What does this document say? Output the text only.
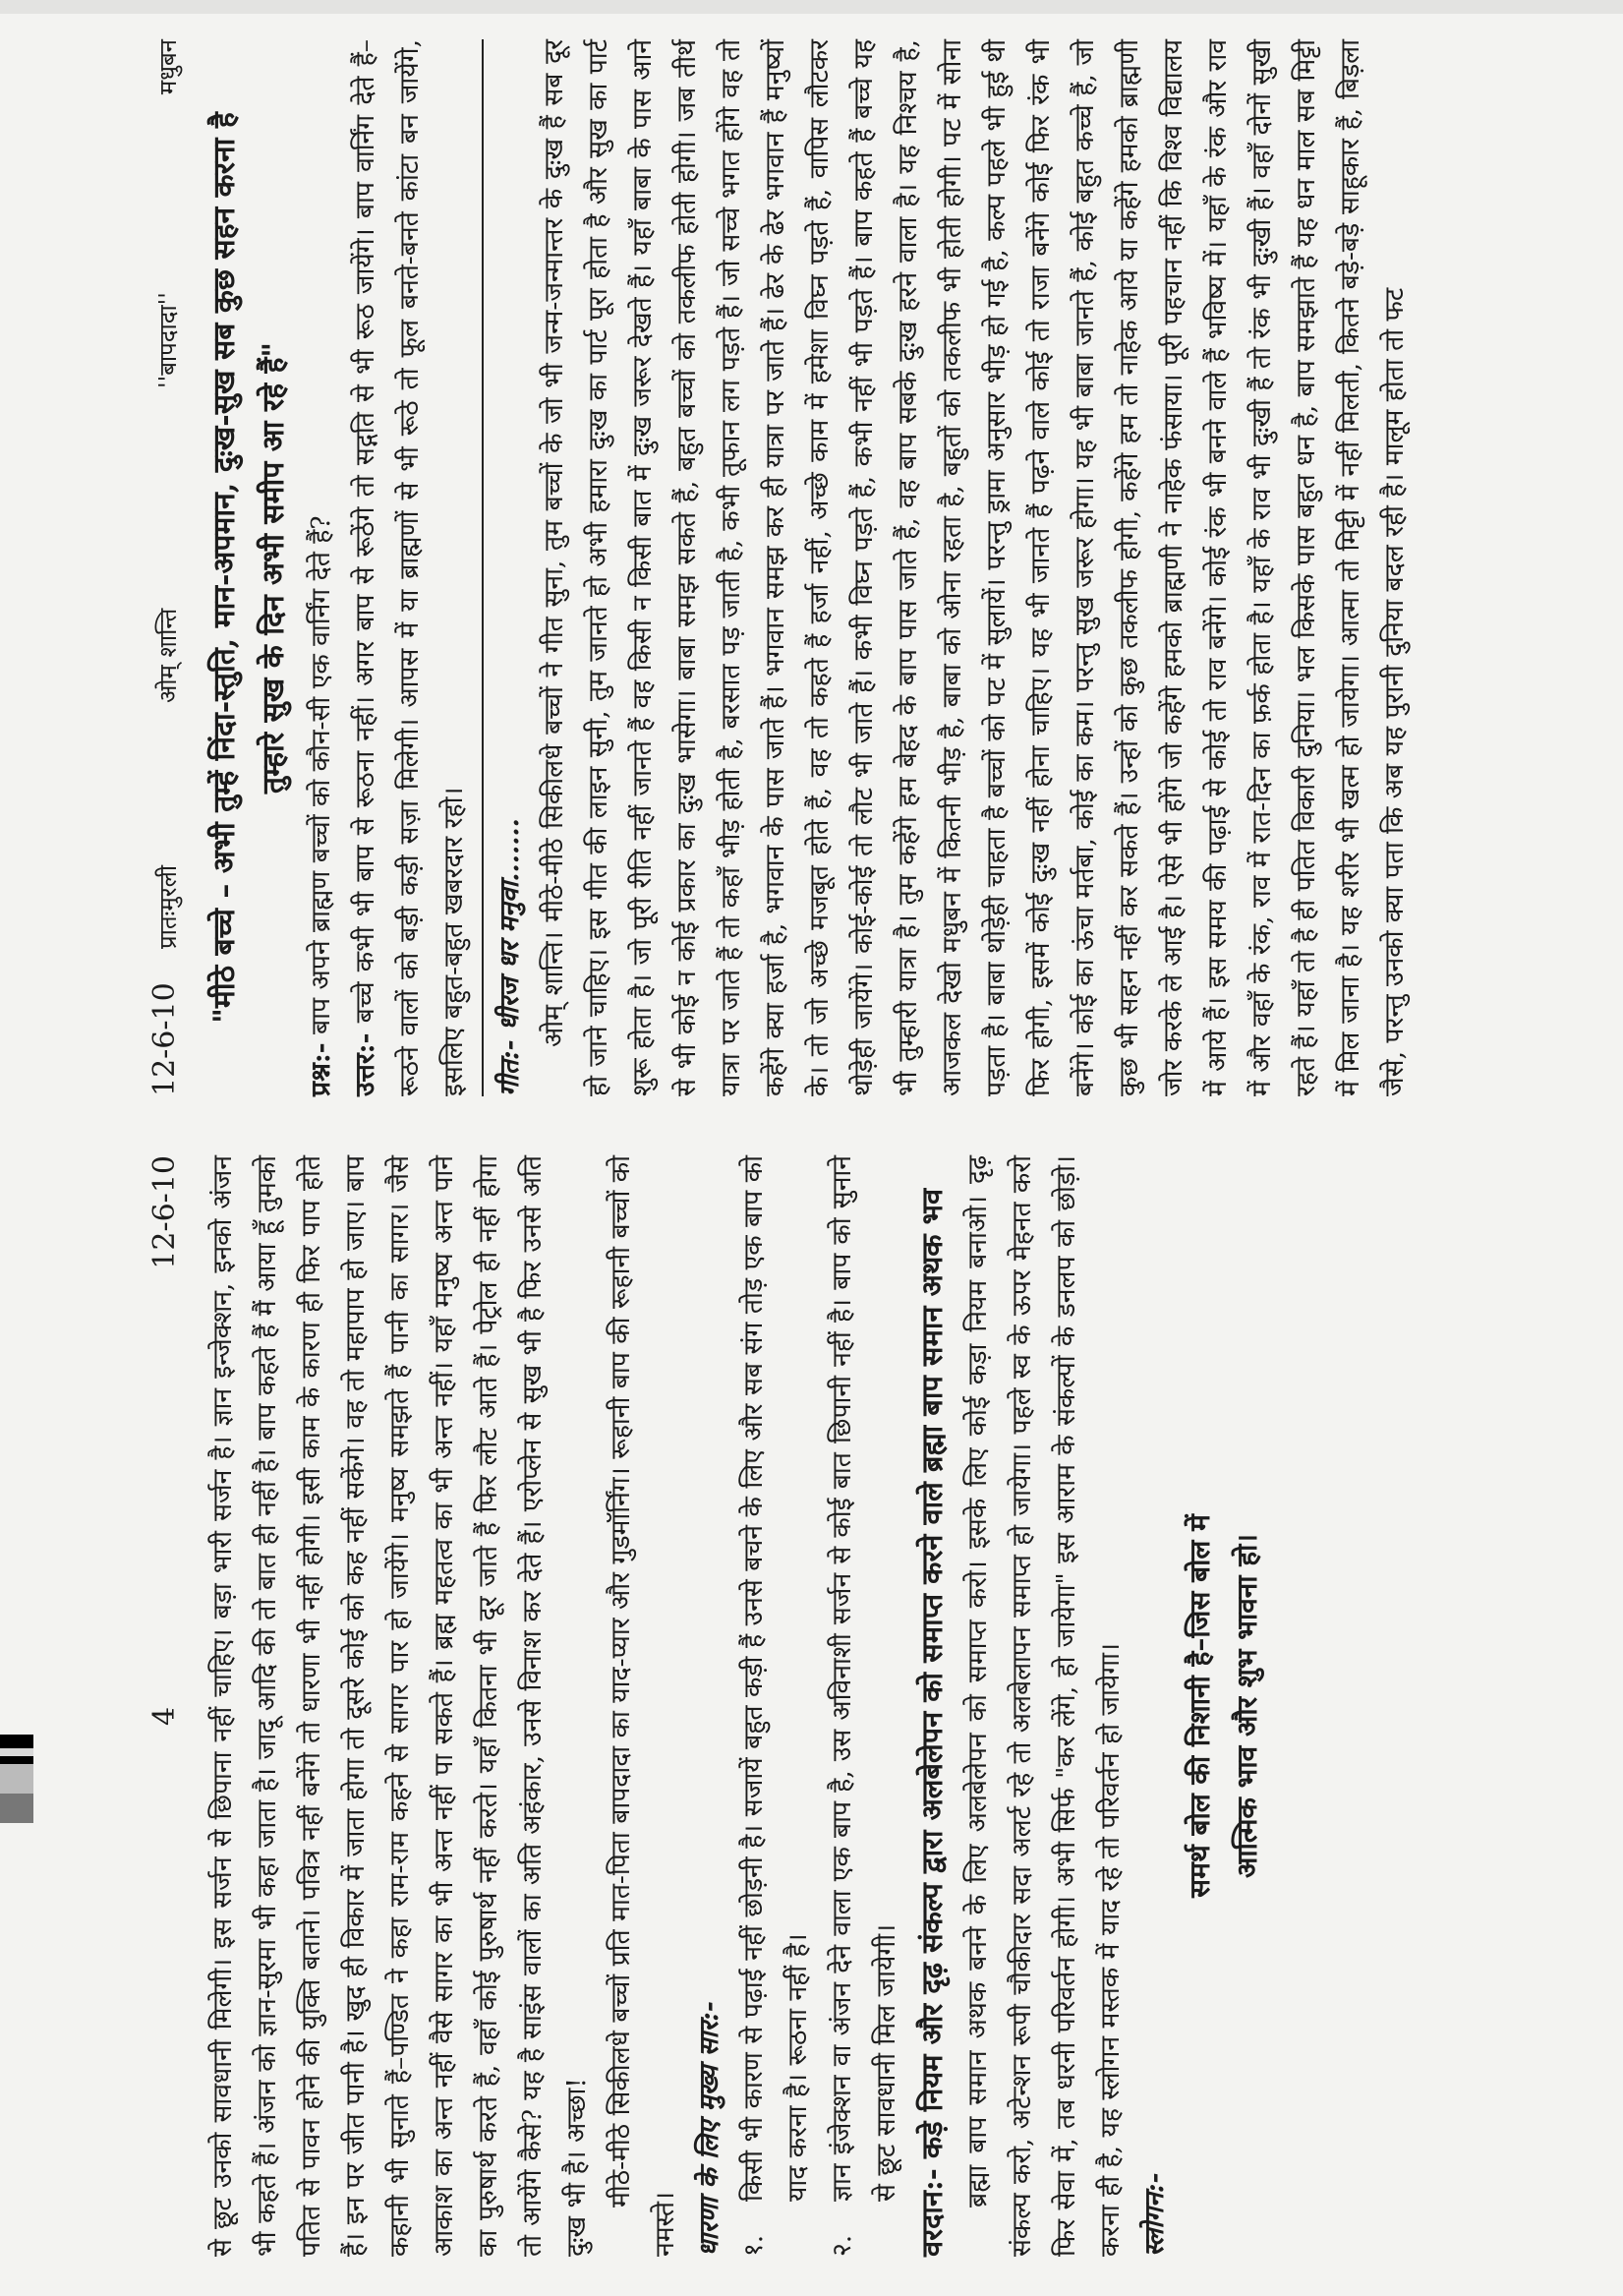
4
12-6-10 से छूट उनको सावधानी मिलेगी। इस सर्जन से छिपाना नहीं चाहिए। बड़ा भारी सर्जन है। ज्ञान इन्जेक्शन, इनको अंजन भी कहते हैं। अंजन को ज्ञान-सुरमा भी कहा जाता है। जादू आदि की तो बात ही नहीं है। बाप कहते हैं मैं आया हूँ तुमको पतित से पावन होने की युक्ति बताने। पवित्र नहीं बनेंगे तो धारणा भी नहीं होगी। इसी काम के कारण ही फिर पाप होते हैं। इन पर जीत पानी है। खुद ही विकार में जाता होगा तो दूसरे कोई को कह नहीं सकेंगे। वह तो महापाप हो जाए। बाप कहानी भी सुनाते हैं–पण्डित ने कहा राम-राम कहने से सागर पार हो जायेंगे। मनुष्य समझते हैं पानी का सागर। जैसे आकाश का अन्त नहीं वैसे सागर का भी अन्त नहीं पा सकते हैं। ब्रह्म महतत्व का भी अन्त नहीं। यहाँ मनुष्य अन्त पाने का पुरुषार्थ करते हैं, वहाँ कोई पुरुषार्थ नहीं करते। यहाँ कितना भी दूर जाते हैं फिर लौट आते हैं। पेट्रोल ही नहीं होगा तो आयेंगे कैसे? यह है साइंस वालों का अति अहंकार, उनसे विनाश कर देते हैं। एरोप्लेन से सुख भी है फिर उनसे अति दुःख भी है। अच्छा! मीठे-मीठे सिकीलधे बच्चों प्रति मात-पिता बापदादा का याद-प्यार और गुडमॉर्निंग। रूहानी बाप की रूहानी बच्चों को नमस्ते। धारणा के लिए मुख्य सार:- १.

किसी भी कारण से पढ़ाई नहीं छोड़नी है। सजायें बहुत कड़ी हैं उनसे बचने के लिए और सब संग तोड़ एक बाप को याद करना है। रूठना नहीं है।

२.

ज्ञान इंजेक्शन वा अंजन देने वाला एक बाप है, उस अविनाशी सर्जन से कोई बात छिपानी नहीं है। बाप को सुनाने से छूट सावधानी मिल जायेगी।

वरदान:- कड़े नियम और दृढ़ संकल्प द्वारा अलबेलेपन को समाप्त करने वाले ब्रह्मा बाप समान अथक भव ब्रह्मा बाप समान अथक बनने के लिए अलबेलेपन को समाप्त करो। इसके लिए कोई कड़ा नियम बनाओ। दृढ़ संकल्प करो, अटेन्शन रूपी चौकीदार सदा अलर्ट रहे तो अलबेलापन समाप्त हो जायेगा। पहले स्व के ऊपर मेहनत करो फिर सेवा में, तब धरनी परिवर्तन होगी। अभी सिर्फ "कर लेंगे, हो जायेगा" इस आराम के संकल्पों के डनलप को छोड़ो। करना ही है, यह स्लोगन मस्तक में याद रहे तो परिवर्तन हो जायेगा। स्लोगन:-

समर्थ बोल की निशानी है–जिस बोल में आत्मिक भाव और शुभ भावना हो।

12-6-10
प्रातःमुरली
ओम् शान्ति
''बापदादा''
मधुबन

"मीठे बच्चे – अभी तुम्हें निंदा-स्तुति, मान-अपमान, दुःख-सुख सब कुछ सहन करना है तुम्हारे सुख के दिन अभी समीप आ रहे हैं"

प्रश्न:- बाप अपने ब्राह्मण बच्चों को कौन-सी एक वार्निंग देते हैं?

उत्तर:- बच्चे कभी भी बाप से रूठना नहीं। अगर बाप से रूठेंगे तो सद्गति से भी रूठ जायेंगे। बाप वार्निंग देते हैं–रूठने वालों को बड़ी कड़ी सज़ा मिलेगी। आपस में या ब्राह्मणों से भी रूठे तो फूल बनते-बनते कांटा बन जायेंगे, इसलिए बहुत-बहुत खबरदार रहो। गीत:- धीरज धर मनुवा....... ओम् शान्ति। मीठे-मीठे सिकीलधे बच्चों ने गीत सुना, तुम बच्चों के जो भी जन्म-जन्मान्तर के दुःख हैं सब दूर हो जाने चाहिए। इस गीत की लाइन सुनी, तुम जानते हो अभी हमारा दुःख का पार्ट पूरा होता है और सुख का पार्ट शुरू होता है। जो पूरी रीति नहीं जानते हैं वह किसी न किसी बात में दुःख जरूर देखते हैं। यहाँ बाबा के पास आने से भी कोई न कोई प्रकार का दुःख भासेगा। बाबा समझ सकते हैं, बहुत बच्चों को तकलीफ होती होगी। जब तीर्थ यात्रा पर जाते हैं तो कहाँ भीड़ होती है, बरसात पड़ जाती है, कभी तूफान लग पड़ते हैं। जो सच्चे भगत होंगे वह तो कहेंगे क्या हर्जा है, भगवान के पास जाते हैं। भगवान समझ कर ही यात्रा पर जाते हैं। ढेर के ढेर भगवान हैं मनुष्यों के। तो जो अच्छे मजबूत होते हैं, वह तो कहते हैं हर्जा नहीं, अच्छे काम में हमेशा विघ्न पड़ते हैं, वापिस लौटकर थोड़ेही जायेंगे। कोई-कोई तो लौट भी जाते हैं। कभी विघ्न पड़ते हैं, कभी नहीं भी पड़ते हैं। बाप कहते हैं बच्चे यह भी तुम्हारी यात्रा है। तुम कहेंगे हम बेहद के बाप पास जाते हैं, वह बाप सबके दुःख हरने वाला है। यह निश्चय है, आजकल देखो मधुबन में कितनी भीड़ है, बाबा को ओना रहता है, बहुतों को तकलीफ भी होती होगी। पट में सोना पड़ता है। बाबा थोड़ेही चाहता है बच्चों को पट में सुलायें। परन्तु ड्रामा अनुसार भीड़ हो गई है, कल्प पहले भी हुई थी फिर होगी, इसमें कोई दुःख नहीं होना चाहिए। यह भी जानते हैं पढ़ने वाले कोई तो राजा बनेंगे कोई फिर रंक भी बनेंगे। कोई का ऊंचा मर्तबा, कोई का कम। परन्तु सुख जरूर होगा। यह भी बाबा जानते हैं, कोई बहुत कच्चे हैं, जो कुछ भी सहन नहीं कर सकते हैं। उन्हों को कुछ तकलीफ होगी, कहेंगे हम तो नाहेक आये या कहेंगे हमको ब्राह्मणी जोर करके ले आई है। ऐसे भी होंगे जो कहेंगे हमको ब्राह्मणी ने नाहेक फंसाया। पूरी पहचान नहीं कि विश्व विद्यालय में आये हैं। इस समय की पढ़ाई से कोई तो राव बनेंगे। कोई रंक भी बनने वाले हैं भविष्य में। यहाँ के रंक और राव में और वहाँ के रंक, राव में रात-दिन का फ़र्क होता है। यहाँ के राव भी दुःखी हैं तो रंक भी दुःखी हैं। वहाँ दोनों सुखी रहते हैं। यहाँ तो है ही पतित विकारी दुनिया। भल किसके पास बहुत धन है, बाप समझाते हैं यह धन माल सब मिट्टी में मिल जाना है। यह शरीर भी खत्म हो जायेगा। आत्मा तो मिट्टी में नहीं मिलती, कितने बड़े-बड़े साहूकार हैं, बिड़ला जैसे, परन्तु उनको क्या पता कि अब यह पुरानी दुनिया बदल रही है। मालूम होता तो फट
